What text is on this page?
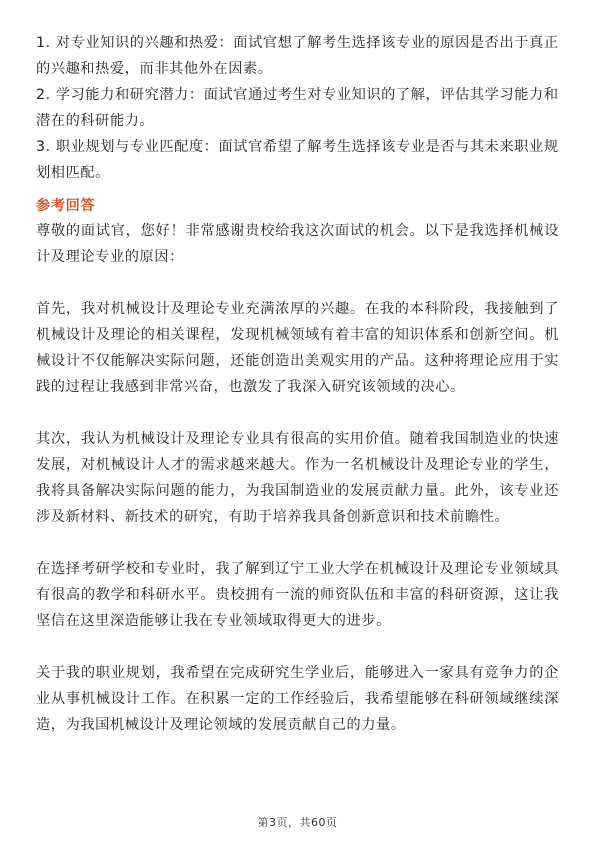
1. 对专业知识的兴趣和热爱：面试官想了解考生选择该专业的原因是否出于真正的兴趣和热爱，而非其他外在因素。

2. 学习能力和研究潜力：面试官通过考生对专业知识的了解，评估其学习能力和潜在的科研能力。

3. 职业规划与专业匹配度：面试官希望了解考生选择该专业是否与其未来职业规划相匹配。

参考回答

尊敬的面试官，您好！非常感谢贵校给我这次面试的机会。以下是我选择机械设计及理论专业的原因：

首先，我对机械设计及理论专业充满浓厚的兴趣。在我的本科阶段，我接触到了机械设计及理论的相关课程，发现机械领域有着丰富的知识体系和创新空间。机械设计不仅能解决实际问题，还能创造出美观实用的产品。这种将理论应用于实践的过程让我感到非常兴奋，也激发了我深入研究该领域的决心。

其次，我认为机械设计及理论专业具有很高的实用价值。随着我国制造业的快速发展，对机械设计人才的需求越来越大。作为一名机械设计及理论专业的学生，我将具备解决实际问题的能力，为我国制造业的发展贡献力量。此外，该专业还涉及新材料、新技术的研究，有助于培养我具备创新意识和技术前瞻性。

在选择考研学校和专业时，我了解到辽宁工业大学在机械设计及理论专业领域具有很高的教学和科研水平。贵校拥有一流的师资队伍和丰富的科研资源，这让我坚信在这里深造能够让我在专业领域取得更大的进步。

关于我的职业规划，我希望在完成研究生学业后，能够进入一家具有竞争力的企业从事机械设计工作。在积累一定的工作经验后，我希望能够在科研领域继续深造，为我国机械设计及理论领域的发展贡献自己的力量。

第3页，共60页
